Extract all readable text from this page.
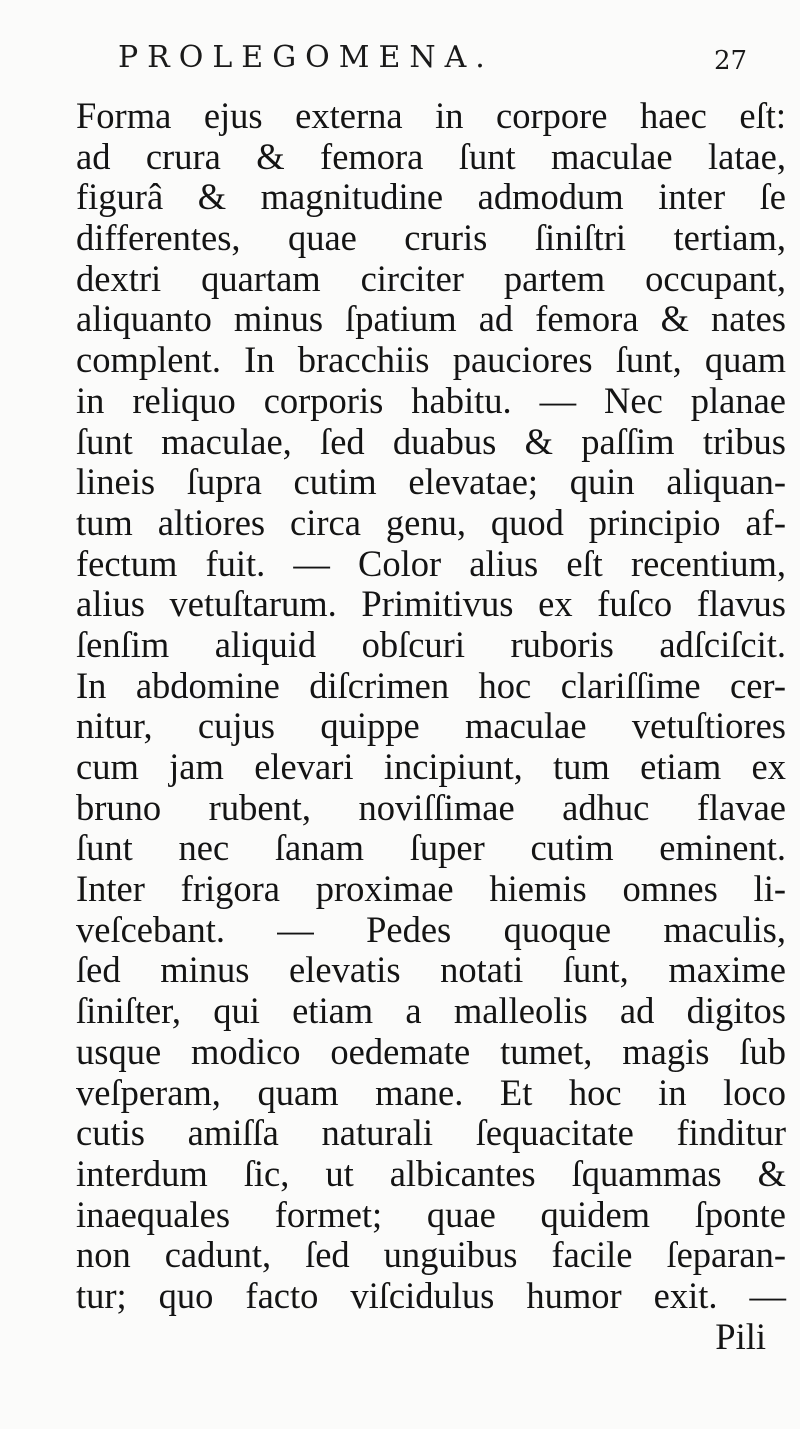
PROLEGOMENA.	27
Forma ejus externa in corpore haec eſt:
ad crura & femora ſunt maculae latae,
figurâ & magnitudine admodum inter ſe
differentes, quae cruris ſiniſtri tertiam,
dextri quartam circiter partem occupant,
aliquanto minus ſpatium ad femora & nates
complent. In bracchiis pauciores ſunt, quam
in reliquo corporis habitu. — Nec planae
ſunt maculae, ſed duabus & paſſim tribus
lineis ſupra cutim elevatae; quin aliquan-
tum altiores circa genu, quod principio af-
fectum fuit. — Color alius eſt recentium,
alius vetuſtarum. Primitivus ex fuſco flavus
ſenſim aliquid obſcuri ruboris adſciſcit.
In abdomine diſcrimen hoc clariſſime cer-
nitur, cujus quippe maculae vetuſtiores
cum jam elevari incipiunt, tum etiam ex
bruno rubent, noviſſimae adhuc flavae
ſunt nec ſanam ſuper cutim eminent.
Inter frigora proximae hiemis omnes li-
veſcebant. — Pedes quoque maculis,
ſed minus elevatis notati ſunt, maxime
ſiniſter, qui etiam a malleolis ad digitos
usque modico oedemate tumet, magis ſub
veſperam, quam mane. Et hoc in loco
cutis amiſſa naturali ſequacitate finditur
interdum ſic, ut albicantes ſquammas &
inaequales formet; quae quidem ſponte
non cadunt, ſed unguibus facile ſeparan-
tur; quo facto viſcidulus humor exit. —
Pili
